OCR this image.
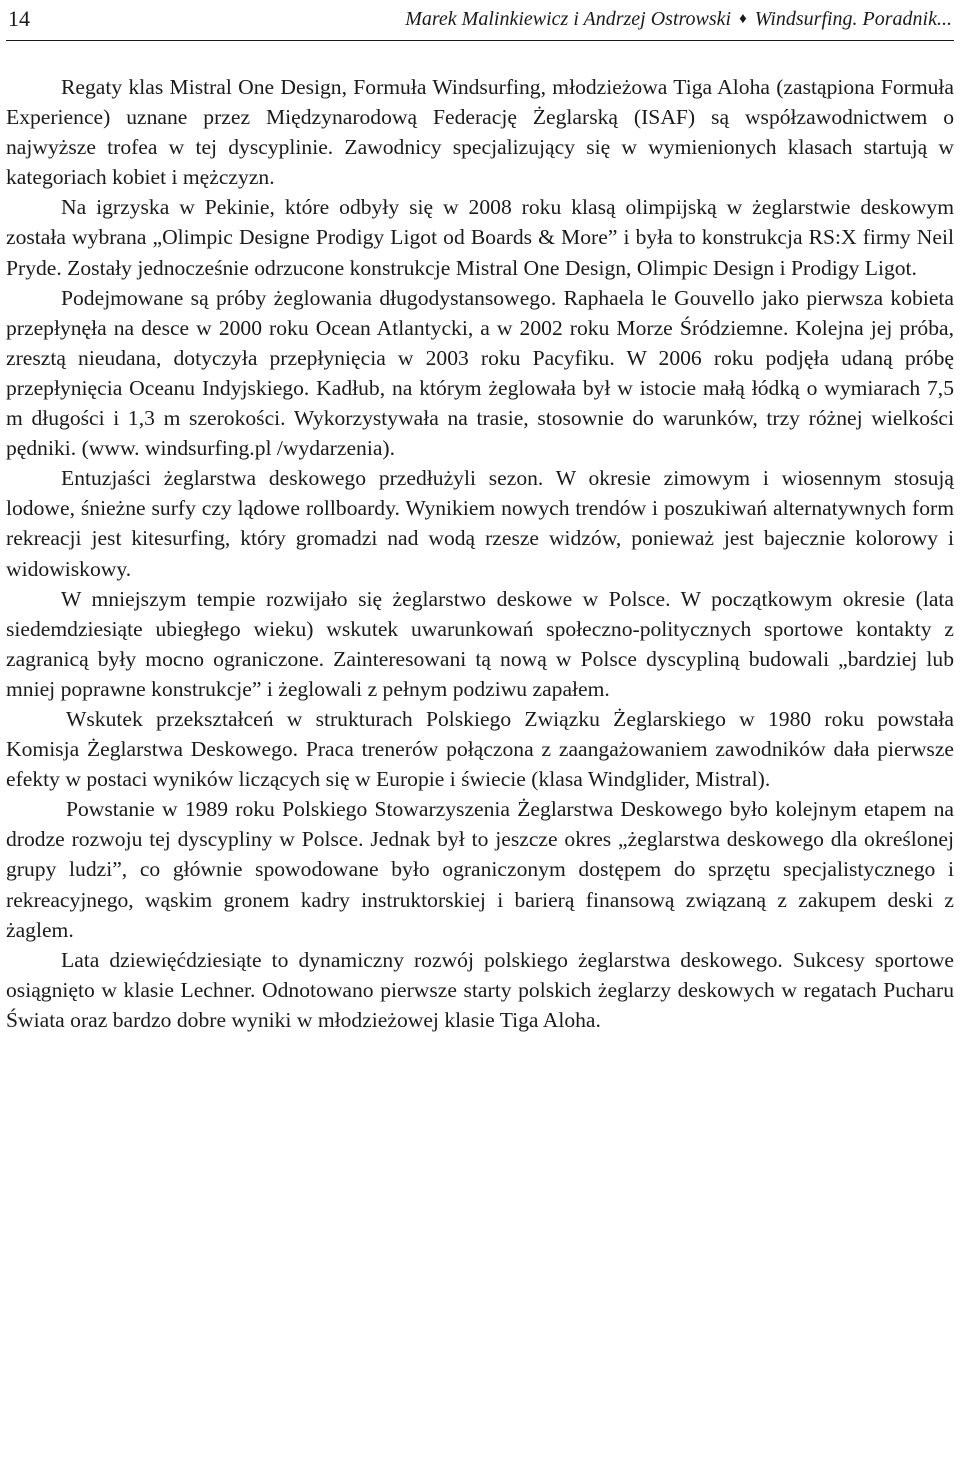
14	Marek Malinkiewicz i Andrzej Ostrowski ♦ Windsurfing. Poradnik...

Regaty klas Mistral One Design, Formuła Windsurfing, młodzieżowa Tiga Aloha (zastąpiona Formuła Experience) uznane przez Międzynarodową Federację Żeglarską (ISAF) są współzawodnictwem o najwyższe trofea w tej dyscyplinie. Zawodnicy specjalizujący się w wymienionych klasach startują w kategoriach kobiet i mężczyzn.

Na igrzyska w Pekinie, które odbyły się w 2008 roku klasą olimpijską w żeglarstwie deskowym została wybrana „Olimpic Designe Prodigy Ligot od Boards & More” i była to konstrukcja RS:X firmy Neil Pryde. Zostały jednocześnie odrzucone konstrukcje Mistral One Design, Olimpic Design i Prodigy Ligot.

Podejmowane są próby żeglowania długodystansowego. Raphaela le Gouvello jako pierwsza kobieta przepłynęła na desce w 2000 roku Ocean Atlantycki, a w 2002 roku Morze Śródziemne. Kolejna jej próba, zresztą nieudana, dotyczyła przepłynięcia w 2003 roku Pacyfiku. W 2006 roku podjęła udaną próbę przepłynięcia Oceanu Indyjskiego. Kadłub, na którym żeglowała był w istocie małą łódką o wymiarach 7,5 m długości i 1,3 m szerokości. Wykorzystywała na trasie, stosownie do warunków, trzy różnej wielkości pędniki. (www. windsurfing.pl /wydarzenia).

Entuzjaści żeglarstwa deskowego przedłużyli sezon. W okresie zimowym i wiosennym stosują lodowe, śnieżne surfy czy lądowe rollboardy. Wynikiem nowych trendów i poszukiwań alternatywnych form rekreacji jest kitesurfing, który gromadzi nad wodą rzesze widzów, ponieważ jest bajecznie kolorowy i widowiskowy.

W mniejszym tempie rozwijało się żeglarstwo deskowe w Polsce. W początkowym okresie (lata siedemdziesiąte ubiegłego wieku) wskutek uwarunkowań społeczno-politycznych sportowe kontakty z zagranicą były mocno ograniczone. Zainteresowani tą nową w Polsce dyscypliną budowali „bardziej lub mniej poprawne konstrukcje” i żeglowali z pełnym podziwu zapałem.

Wskutek przekształceń w strukturach Polskiego Związku Żeglarskiego w 1980 roku powstała Komisja Żeglarstwa Deskowego. Praca trenerów połączona z zaangażowaniem zawodników dała pierwsze efekty w postaci wyników liczących się w Europie i świecie (klasa Windglider, Mistral).

Powstanie w 1989 roku Polskiego Stowarzyszenia Żeglarstwa Deskowego było kolejnym etapem na drodze rozwoju tej dyscypliny w Polsce. Jednak był to jeszcze okres „żeglarstwa deskowego dla określonej grupy ludzi”, co głównie spowodowane było ograniczonym dostępem do sprzętu specjalistycznego i rekreacyjnego, wąskim gronem kadry instruktorskiej i barierą finansową związaną z zakupem deski z żaglem.

Lata dziewięćdziesiąte to dynamiczny rozwój polskiego żeglarstwa deskowego. Sukcesy sportowe osiągnięto w klasie Lechner. Odnotowano pierwsze starty polskich żeglarzy deskowych w regatach Pucharu Świata oraz bardzo dobre wyniki w młodzieżowej klasie Tiga Aloha.
